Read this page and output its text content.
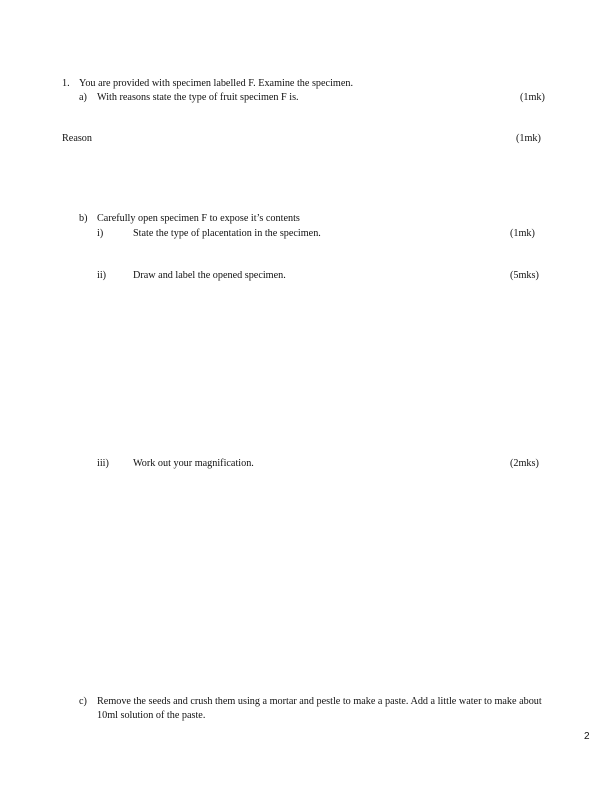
1. You are provided with specimen labelled F. Examine the specimen.
a) With reasons state the type of fruit specimen F is.	(1mk)
Reason	(1mk)
b) Carefully open specimen F to expose it’s contents
i)	State the type of placentation in the specimen.	(1mk)
ii)	Draw and label the opened specimen.	(5mks)
iii) Work out your magnification.	(2mks)
c) Remove the seeds and crush them using a mortar and pestle to make a paste. Add a little water to make about
10ml solution of the paste.
2
